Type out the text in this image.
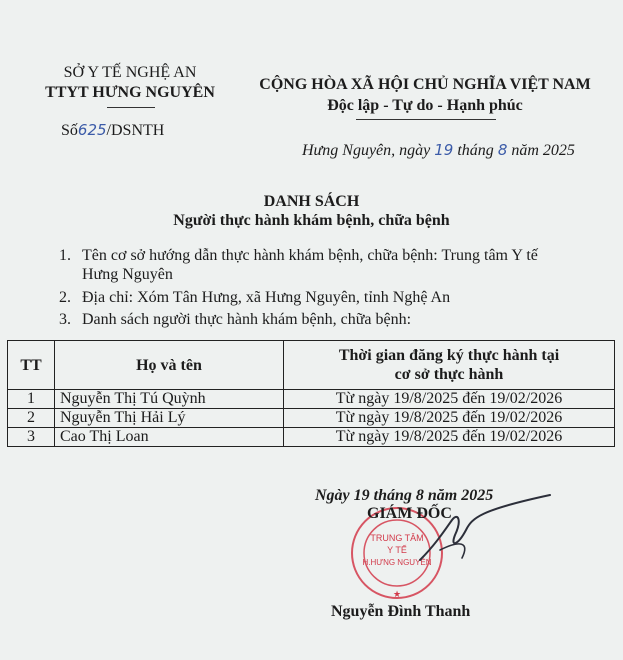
SỞ Y TẾ NGHỆ AN
TTYT HƯNG NGUYÊN
Số625/DSNTH
CỘNG HÒA XÃ HỘI CHỦ NGHĨA VIỆT NAM
Độc lập - Tự do - Hạnh phúc
Hưng Nguyên, ngày 19 tháng 8 năm 2025
DANH SÁCH
Người thực hành khám bệnh, chữa bệnh
1. Tên cơ sở hướng dẫn thực hành khám bệnh, chữa bệnh: Trung tâm Y tế
Hưng Nguyên
2. Địa chỉ: Xóm Tân Hưng, xã Hưng Nguyên, tỉnh Nghệ An
3. Danh sách người thực hành khám bệnh, chữa bệnh:
TT	Họ và tên	Thời gian đăng ký thực hành tại
cơ sở thực hành
1	Nguyễn Thị Tú Quỳnh	Từ ngày 19/8/2025 đến 19/02/2026
2	Nguyễn Thị Hải Lý	Từ ngày 19/8/2025 đến 19/02/2026
3	Cao Thị Loan	Từ ngày 19/8/2025 đến 19/02/2026
Ngày 19 tháng 8 năm 2025
TRUNG TÂM
Y TẾ
H.HƯNG NGUYÊN
★
GIÁM ĐỐC
Nguyễn Đình Thanh
